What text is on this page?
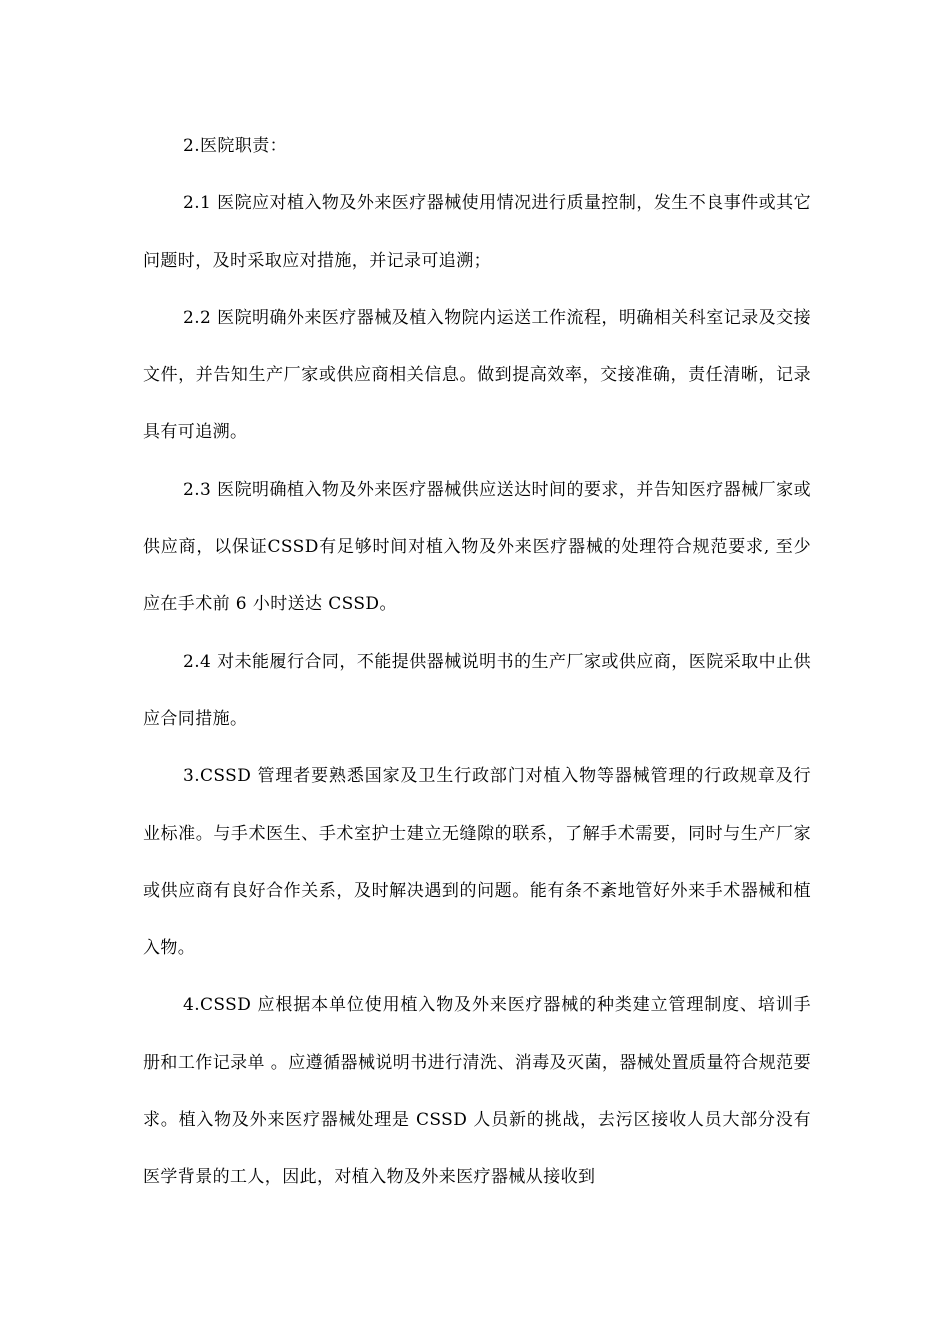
2.医院职责：

2.1 医院应对植入物及外来医疗器械使用情况进行质量控制，发生不良事件或其它问题时，及时采取应对措施，并记录可追溯；

2.2 医院明确外来医疗器械及植入物院内运送工作流程，明确相关科室记录及交接文件，并告知生产厂家或供应商相关信息。做到提高效率，交接准确，责任清晰，记录具有可追溯。

2.3 医院明确植入物及外来医疗器械供应送达时间的要求，并告知医疗器械厂家或供应商，以保证CSSD有足够时间对植入物及外来医疗器械的处理符合规范要求, 至少应在手术前 6 小时送达 CSSD。

2.4 对未能履行合同，不能提供器械说明书的生产厂家或供应商，医院采取中止供应合同措施。

3.CSSD 管理者要熟悉国家及卫生行政部门对植入物等器械管理的行政规章及行业标准。与手术医生、手术室护士建立无缝隙的联系，了解手术需要，同时与生产厂家或供应商有良好合作关系，及时解决遇到的问题。能有条不紊地管好外来手术器械和植入物。

4.CSSD 应根据本单位使用植入物及外来医疗器械的种类建立管理制度、培训手册和工作记录单 。应遵循器械说明书进行清洗、消毒及灭菌，器械处置质量符合规范要求。植入物及外来医疗器械处理是 CSSD 人员新的挑战，去污区接收人员大部分没有医学背景的工人，因此，对植入物及外来医疗器械从接收到
